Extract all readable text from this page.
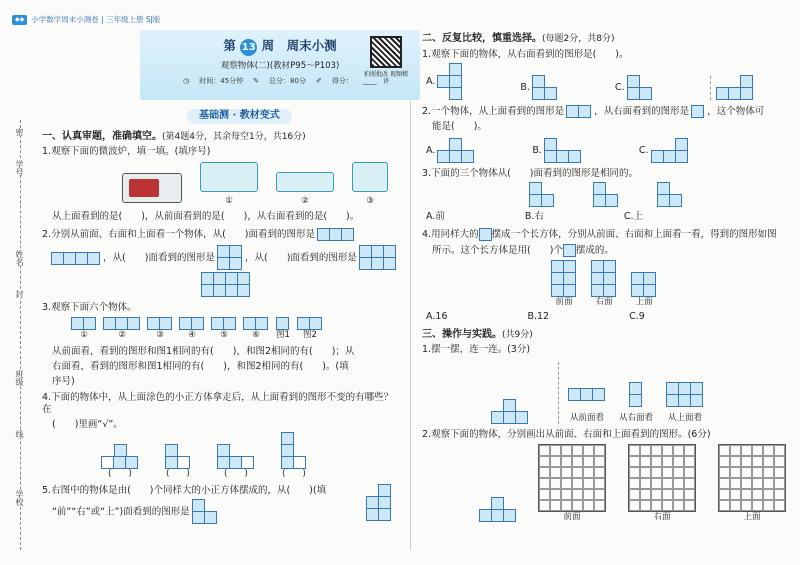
◆◆ 小学数学周末小测卷 | 三年级上册 SJ版
密
学号
姓名
封
班级
线
学校
第 13 周　周末小测
观察物体(二)(教材P95～P103)
◷ 时间：45分钟 ✎ 总分：80分 ✐ 得分： ____
拍照批改 视频精讲
基础测 · 教材变式
一、认真审题，准确填空。(第4题4分，其余每空1分，共16分)
1.观察下面的微波炉，填一填。(填序号)
①	②	③
从上面看到的是(　　)，从前面看到的是(　　)，从右面看到的是(　　)。
2.分别从前面、右面和上面看一个物体，从(　　)面看到的图形是
，从(　　)面看到的图形是	，从(　　)面看到的图形是
3.观察下面六个物体。
①	②	③	④	⑤	⑥	图1	图2
从前面看，看到的图形和图1相同的有(　　)，和图2相同的有(　　)；从
右面看，看到的图形和图1相同的有(　　)，和图2相同的有(　　)。(填
序号)
4.下面的物体中，从上面涂色的小正方体拿走后，从上面看到的图形不变的有哪些？在
(　　)里画“√”。
(　　)	(　　)	(　　)	(　　)
5.右图中的物体是由(　　)个同样大的小正方体摆成的，从(　　)(填
“前”“右”或“上”)面看到的图形是
二、反复比较，慎重选择。(每题2分，共8分)
1.观察下面的物体，从右面看到的图形是(　　)。
A.
B.	C.
2.一个物体，从上面看到的图形是	，从右面看到的图形是 ，这个物体可
能是(　　)。
A.	B.	C.
3.下面的三个物体从(　　)面看到的图形是相同的。
A.前	B.右	C.上
4.用同样大的 摆成一个长方体，分别从前面、右面和上面看一看，得到的图形如图
所示。这个长方体是用(　　)个 摆成的。
前面	右面	上面
A.16	B.12	C.9
三、操作与实践。(共9分)
1.摆一摆，连一连。(3分)
从前面看 从右面看 从上面看
2.观察下面的物体，分别画出从前面、右面和上面看到的图形。(6分)
前面	右面	上面
